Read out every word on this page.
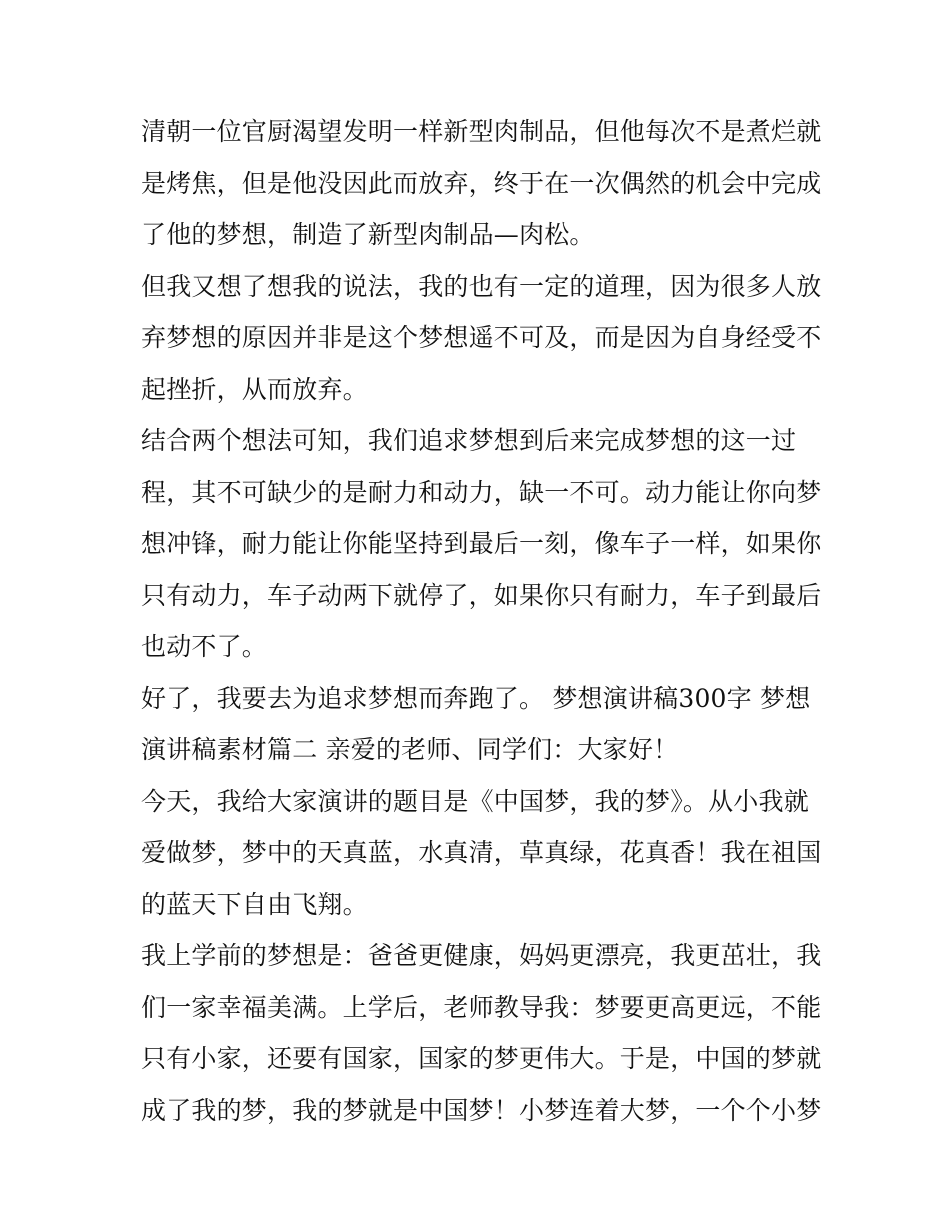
清朝一位官厨渴望发明一样新型肉制品，但他每次不是煮烂就
是烤焦，但是他没因此而放弃，终于在一次偶然的机会中完成
了他的梦想，制造了新型肉制品—肉松。
但我又想了想我的说法，我的也有一定的道理，因为很多人放
弃梦想的原因并非是这个梦想遥不可及，而是因为自身经受不
起挫折，从而放弃。
结合两个想法可知，我们追求梦想到后来完成梦想的这一过
程，其不可缺少的是耐力和动力，缺一不可。动力能让你向梦
想冲锋，耐力能让你能坚持到最后一刻，像车子一样，如果你
只有动力，车子动两下就停了，如果你只有耐力，车子到最后
也动不了。
好了，我要去为追求梦想而奔跑了。 梦想演讲稿300字 梦想
演讲稿素材篇二 亲爱的老师、同学们：大家好！
今天，我给大家演讲的题目是《中国梦，我的梦》。从小我就
爱做梦，梦中的天真蓝，水真清，草真绿，花真香！我在祖国
的蓝天下自由飞翔。
我上学前的梦想是：爸爸更健康，妈妈更漂亮，我更茁壮，我
们一家幸福美满。上学后，老师教导我：梦要更高更远，不能
只有小家，还要有国家，国家的梦更伟大。于是，中国的梦就
成了我的梦，我的梦就是中国梦！小梦连着大梦，一个个小梦
